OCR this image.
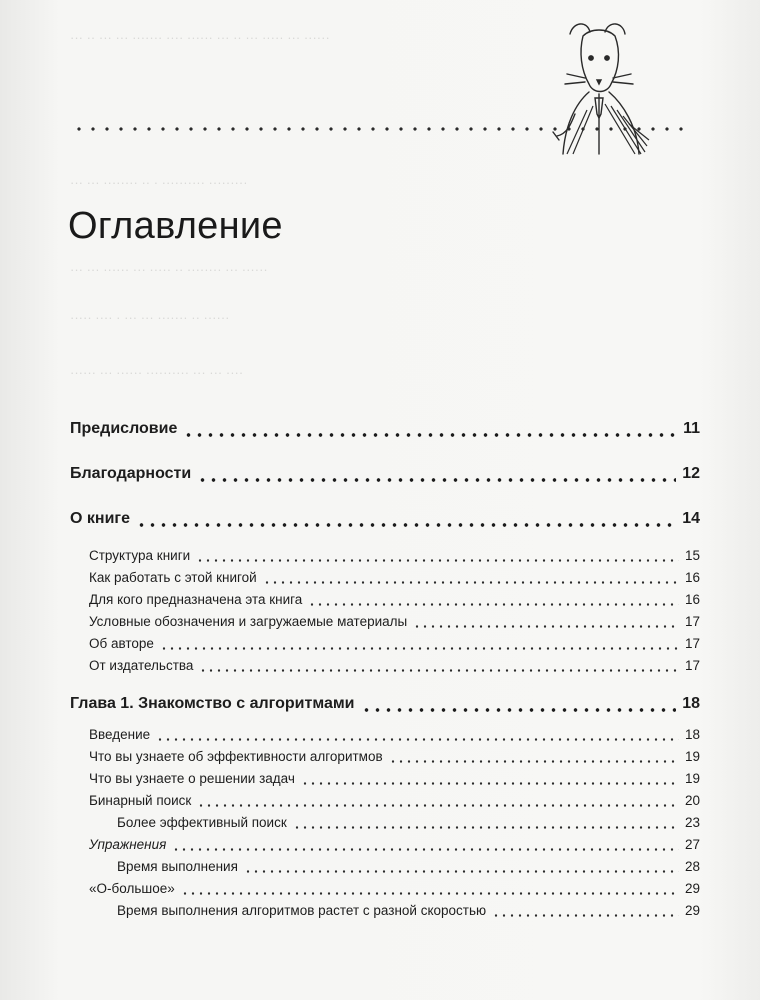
··· ·· ··· ··· ······· ···· ······ ··· ·· ··· ····· ··· ······
··· ··· ········ ·· · ·········· ·········
··· ··· ······ ··· ····· ·· ········ ··· ······
····· ···· · ··· ··· ······· ·· ······
······ ··· ······ ·········· ··· ··· ····
Оглавление
Предисловие	11
Благодарности	12
О книге	14
Структура книги	15
Как работать с этой книгой	16
Для кого предназначена эта книга	16
Условные обозначения и загружаемые материалы	17
Об авторе	17
От издательства	17
Глава 1. Знакомство с алгоритмами	18
Введение	18
Что вы узнаете об эффективности алгоритмов	19
Что вы узнаете о решении задач	19
Бинарный поиск	20
Более эффективный поиск	23
Упражнения	27
Время выполнения	28
«О-большое»	29
Время выполнения алгоритмов растет с разной скоростью	29
